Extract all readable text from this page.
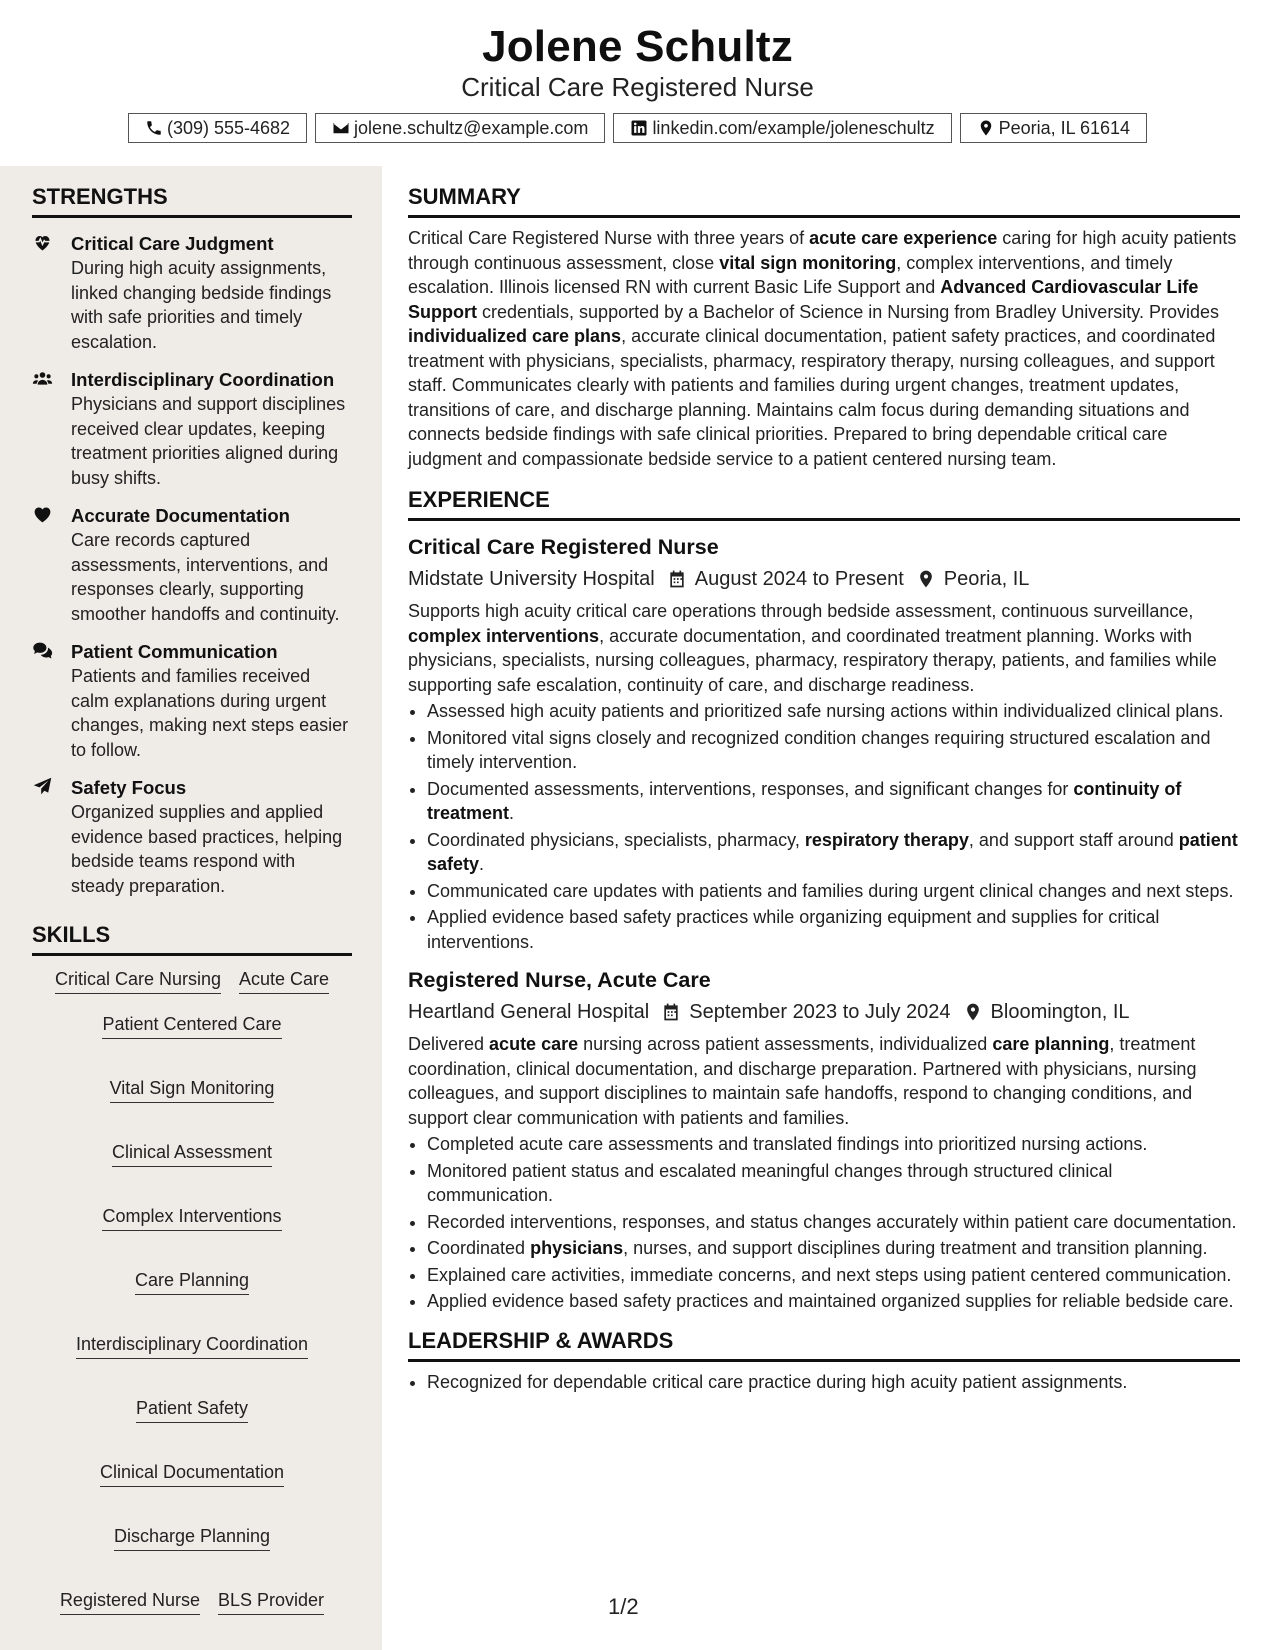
Jolene Schultz
Critical Care Registered Nurse
(309) 555-4682	jolene.schultz@example.com	linkedin.com/example/joleneschultz	Peoria, IL 61614
STRENGTHS
Critical Care Judgment
During high acuity assignments, linked changing bedside findings with safe priorities and timely escalation.
Interdisciplinary Coordination
Physicians and support disciplines received clear updates, keeping treatment priorities aligned during busy shifts.
Accurate Documentation
Care records captured assessments, interventions, and responses clearly, supporting smoother handoffs and continuity.
Patient Communication
Patients and families received calm explanations during urgent changes, making next steps easier to follow.
Safety Focus
Organized supplies and applied evidence based practices, helping bedside teams respond with steady preparation.
SKILLS
Critical Care Nursing Acute Care
Patient Centered Care
Vital Sign Monitoring
Clinical Assessment
Complex Interventions
Care Planning
Interdisciplinary Coordination
Patient Safety
Clinical Documentation
Discharge Planning
Registered Nurse BLS Provider
SUMMARY

Critical Care Registered Nurse with three years of acute care experience caring for high acuity patients through continuous assessment, close vital sign monitoring, complex interventions, and timely escalation. Illinois licensed RN with current Basic Life Support and Advanced Cardiovascular Life Support credentials, supported by a Bachelor of Science in Nursing from Bradley University. Provides individualized care plans, accurate clinical documentation, patient safety practices, and coordinated treatment with physicians, specialists, pharmacy, respiratory therapy, nursing colleagues, and support staff. Communicates clearly with patients and families during urgent changes, treatment updates, transitions of care, and discharge planning. Maintains calm focus during demanding situations and connects bedside findings with safe clinical priorities. Prepared to bring dependable critical care judgment and compassionate bedside service to a patient centered nursing team.

EXPERIENCE
Critical Care Registered Nurse
Midstate University Hospital August 2024 to Present Peoria, IL

Supports high acuity critical care operations through bedside assessment, continuous surveillance, complex interventions, accurate documentation, and coordinated treatment planning. Works with physicians, specialists, nursing colleagues, pharmacy, respiratory therapy, patients, and families while supporting safe escalation, continuity of care, and discharge readiness.

• Assessed high acuity patients and prioritized safe nursing actions within individualized clinical plans.
• Monitored vital signs closely and recognized condition changes requiring structured escalation and timely intervention.
• Documented assessments, interventions, responses, and significant changes for continuity of treatment.
• Coordinated physicians, specialists, pharmacy, respiratory therapy, and support staff around patient safety.
• Communicated care updates with patients and families during urgent clinical changes and next steps.
• Applied evidence based safety practices while organizing equipment and supplies for critical interventions.
Registered Nurse, Acute Care
Heartland General Hospital September 2023 to July 2024 Bloomington, IL

Delivered acute care nursing across patient assessments, individualized care planning, treatment coordination, clinical documentation, and discharge preparation. Partnered with physicians, nursing colleagues, and support disciplines to maintain safe handoffs, respond to changing conditions, and support clear communication with patients and families.

• Completed acute care assessments and translated findings into prioritized nursing actions.
• Monitored patient status and escalated meaningful changes through structured clinical communication.
• Recorded interventions, responses, and status changes accurately within patient care documentation.
• Coordinated physicians, nurses, and support disciplines during treatment and transition planning.
• Explained care activities, immediate concerns, and next steps using patient centered communication.
• Applied evidence based safety practices and maintained organized supplies for reliable bedside care.
LEADERSHIP & AWARDS
• Recognized for dependable critical care practice during high acuity patient assignments.
1/2
